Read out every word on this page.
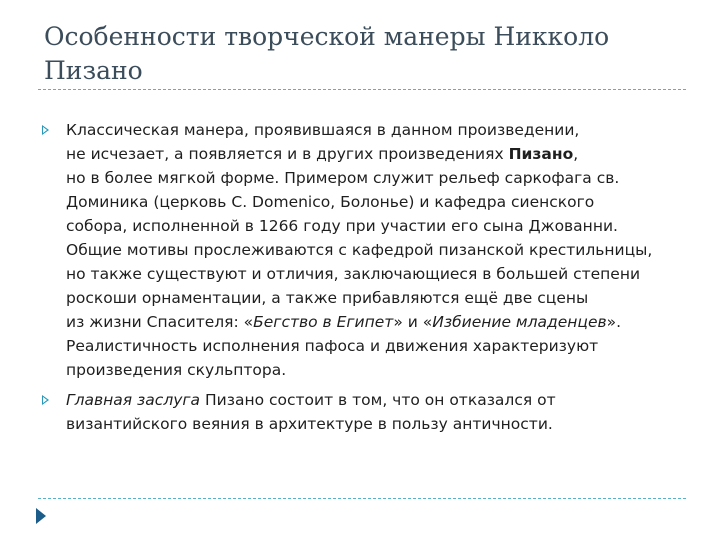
Особенности творческой манеры Никколо Пизано
Классическая манера, проявившаяся в данном произведении,
не исчезает, а появляется и в других произведениях Пизано,
но в более мягкой форме. Примером служит рельеф саркофага св.
Доминика (церковь С. Domenico, Болонье) и кафедра сиенского
собора, исполненной в 1266 году при участии его сына Джованни.
Общие мотивы прослеживаются с кафедрой пизанской крестильницы,
но также существуют и отличия, заключающиеся в большей степени
роскоши орнаментации, а также прибавляются ещё две сцены
из жизни Спасителя: «Бегство в Египет» и «Избиение младенцев».
Реалистичность исполнения пафоса и движения характеризуют
произведения скульптора.
Главная заслуга Пизано состоит в том, что он отказался от
византийского веяния в архитектуре в пользу античности.
